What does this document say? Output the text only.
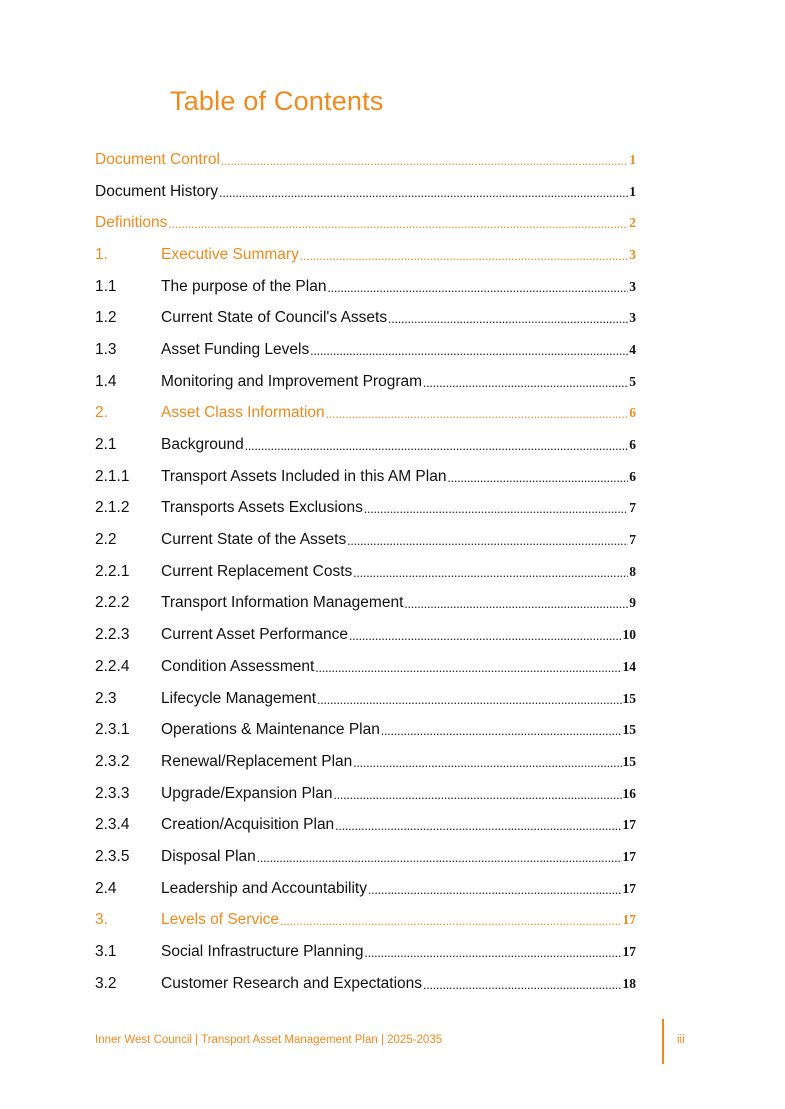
Table of Contents
Document Control .....	1
Document History .....	1
Definitions .....	2
1.	Executive Summary .....	3
1.1	The purpose of the Plan .....	3
1.2	Current State of Council's Assets .....	3
1.3	Asset Funding Levels .....	4
1.4	Monitoring and Improvement Program .....	5
2.	Asset Class Information .....	6
2.1	Background .....	6
2.1.1	Transport Assets Included in this AM Plan .....	6
2.1.2	Transports Assets Exclusions .....	7
2.2	Current State of the Assets .....	7
2.2.1	Current Replacement Costs .....	8
2.2.2	Transport Information Management .....	9
2.2.3	Current Asset Performance .....	10
2.2.4	Condition Assessment .....	14
2.3	Lifecycle Management .....	15
2.3.1	Operations & Maintenance Plan .....	15
2.3.2	Renewal/Replacement Plan .....	15
2.3.3	Upgrade/Expansion Plan .....	16
2.3.4	Creation/Acquisition Plan .....	17
2.3.5	Disposal Plan .....	17
2.4	Leadership and Accountability .....	17
3.	Levels of Service .....	17
3.1	Social Infrastructure Planning .....	17
3.2	Customer Research and Expectations .....	18
Inner West Council | Transport Asset Management Plan | 2025-2035	iii
